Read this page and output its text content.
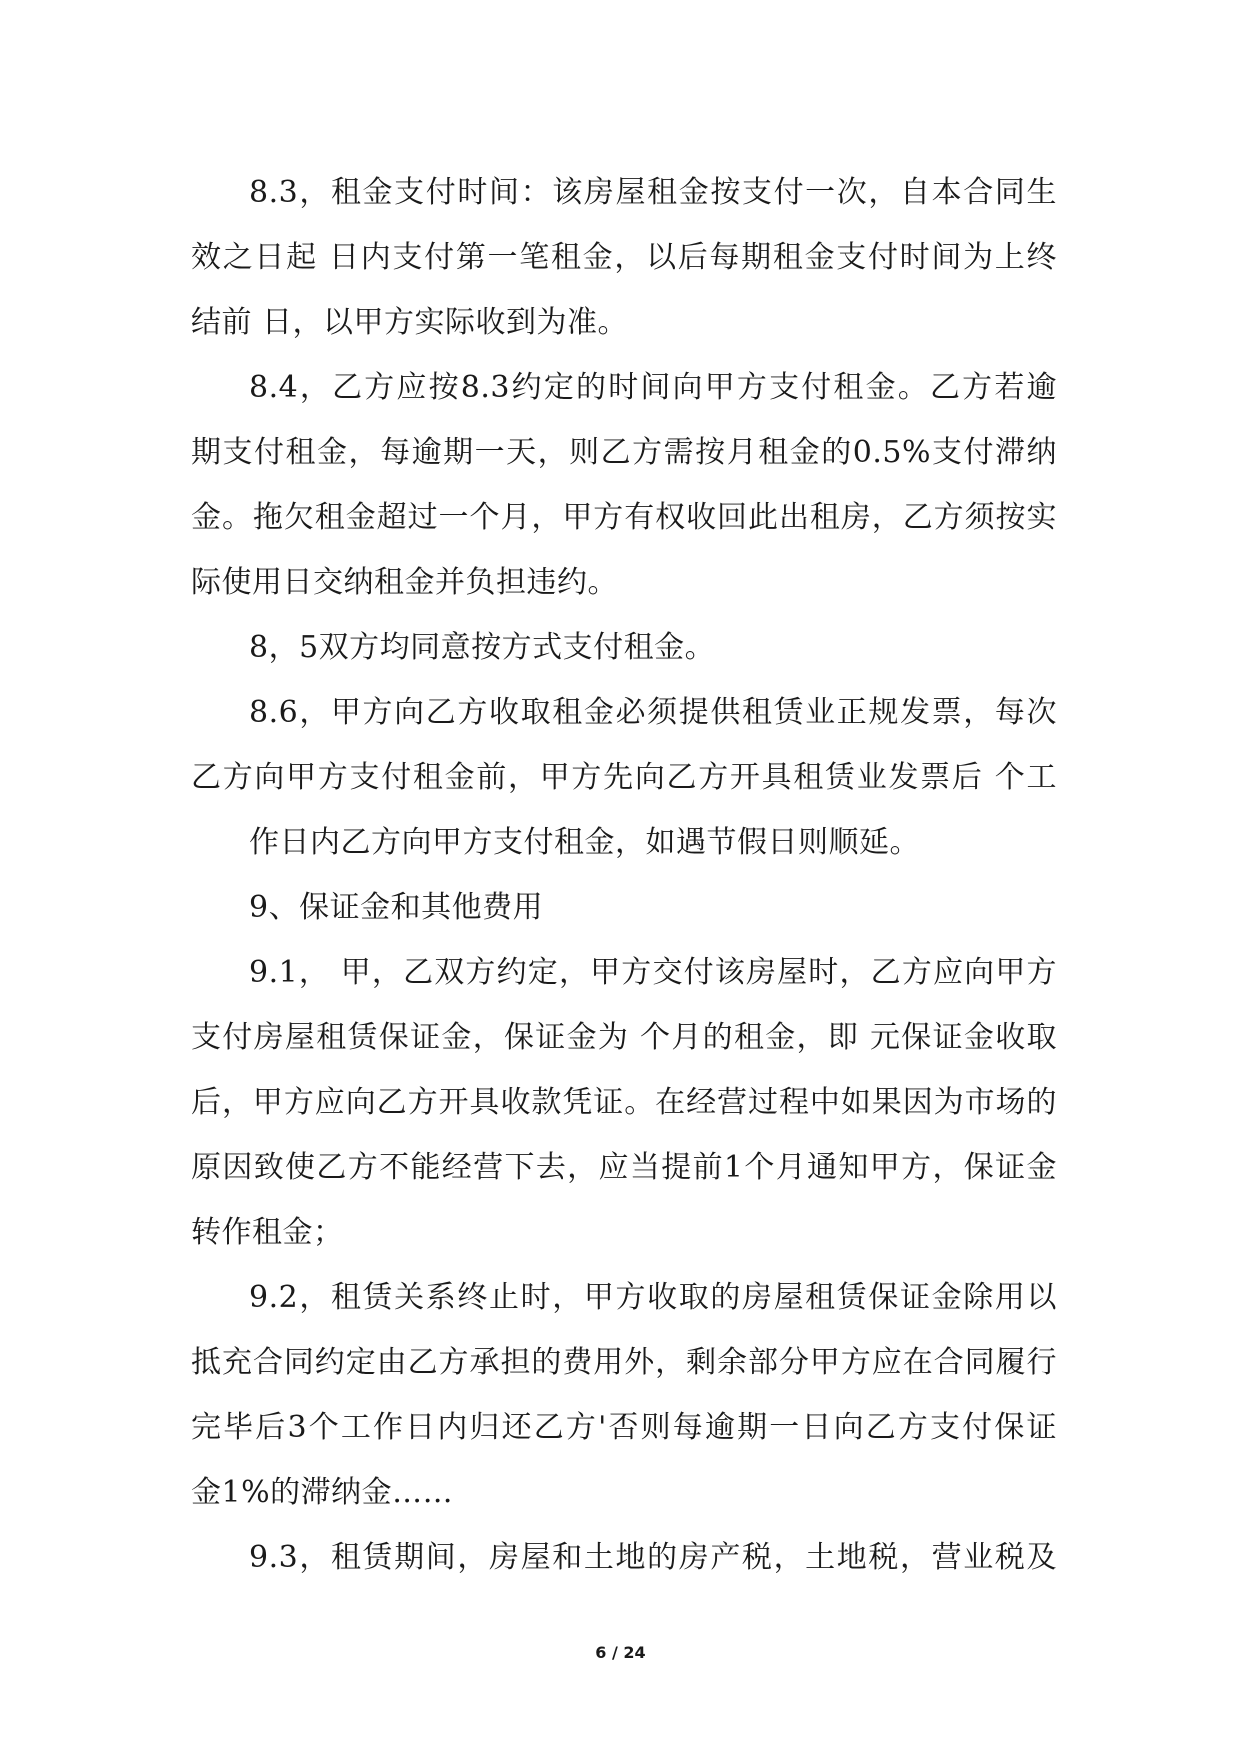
8.3，租金支付时间：该房屋租金按支付一次，自本合同生
效之日起 日内支付第一笔租金，以后每期租金支付时间为上终
结前 日，以甲方实际收到为准。
8.4，乙方应按8.3约定的时间向甲方支付租金。乙方若逾
期支付租金，每逾期一天，则乙方需按月租金的0.5%支付滞纳
金。拖欠租金超过一个月，甲方有权收回此出租房，乙方须按实
际使用日交纳租金并负担违约。
8，5双方均同意按方式支付租金。
8.6，甲方向乙方收取租金必须提供租赁业正规发票，每次
乙方向甲方支付租金前，甲方先向乙方开具租赁业发票后 个工
作日内乙方向甲方支付租金，如遇节假日则顺延。
9、保证金和其他费用
9.1， 甲，乙双方约定，甲方交付该房屋时，乙方应向甲方
支付房屋租赁保证金，保证金为 个月的租金，即 元保证金收取
后，甲方应向乙方开具收款凭证。在经营过程中如果因为市场的
原因致使乙方不能经营下去，应当提前1个月通知甲方，保证金
转作租金；
9.2，租赁关系终止时，甲方收取的房屋租赁保证金除用以
抵充合同约定由乙方承担的费用外，剩余部分甲方应在合同履行
完毕后3个工作日内归还乙方'否则每逾期一日向乙方支付保证
金1%的滞纳金……
9.3，租赁期间，房屋和土地的房产税，土地税，营业税及
6 / 24
